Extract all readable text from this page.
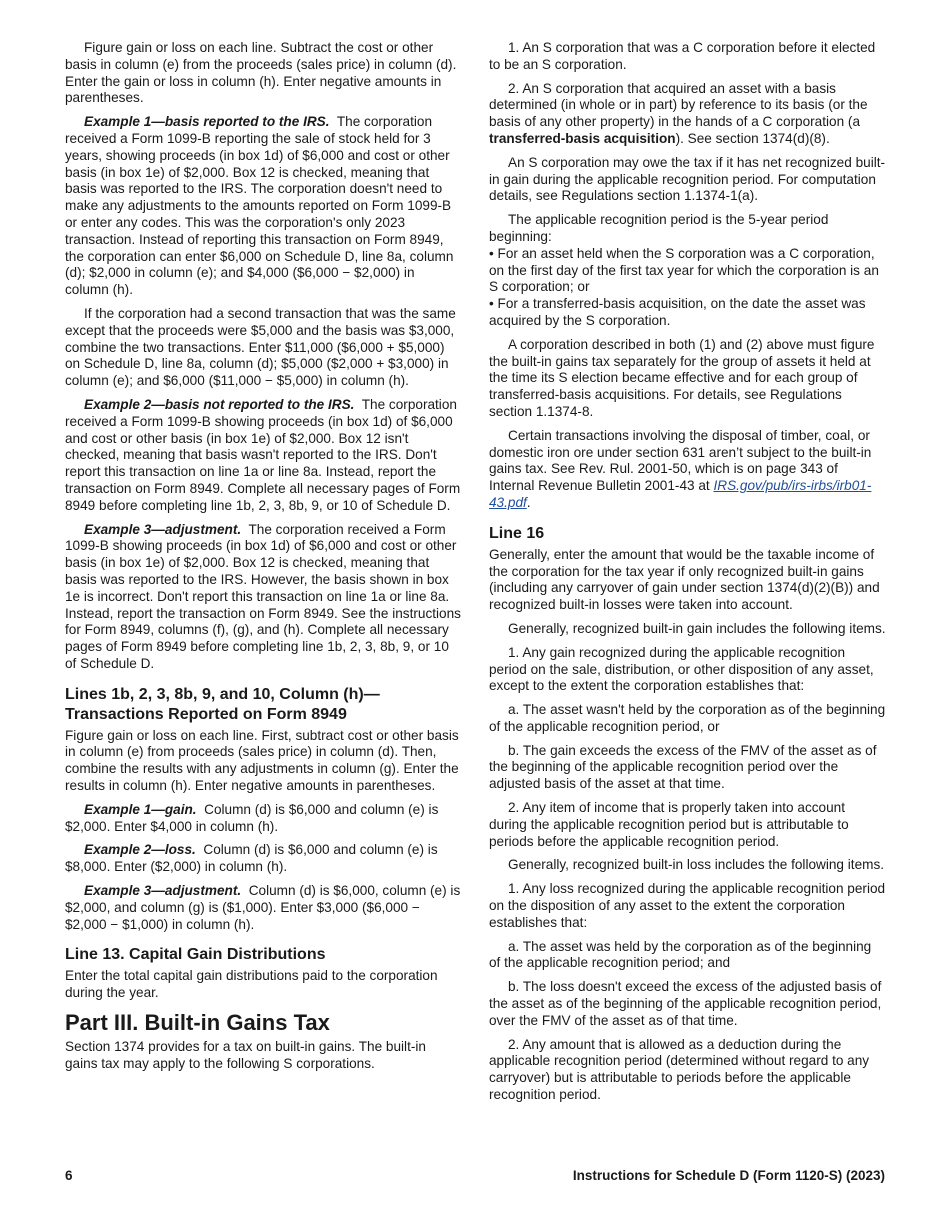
Figure gain or loss on each line. Subtract the cost or other basis in column (e) from the proceeds (sales price) in column (d). Enter the gain or loss in column (h). Enter negative amounts in parentheses.

Example 1—basis reported to the IRS. The corporation received a Form 1099-B reporting the sale of stock held for 3 years, showing proceeds (in box 1d) of $6,000 and cost or other basis (in box 1e) of $2,000. Box 12 is checked, meaning that basis was reported to the IRS. The corporation doesn't need to make any adjustments to the amounts reported on Form 1099-B or enter any codes. This was the corporation's only 2023 transaction. Instead of reporting this transaction on Form 8949, the corporation can enter $6,000 on Schedule D, line 8a, column (d); $2,000 in column (e); and $4,000 ($6,000 − $2,000) in column (h).

If the corporation had a second transaction that was the same except that the proceeds were $5,000 and the basis was $3,000, combine the two transactions. Enter $11,000 ($6,000 + $5,000) on Schedule D, line 8a, column (d); $5,000 ($2,000 + $3,000) in column (e); and $6,000 ($11,000 − $5,000) in column (h).

Example 2—basis not reported to the IRS. The corporation received a Form 1099-B showing proceeds (in box 1d) of $6,000 and cost or other basis (in box 1e) of $2,000. Box 12 isn't checked, meaning that basis wasn't reported to the IRS. Don't report this transaction on line 1a or line 8a. Instead, report the transaction on Form 8949. Complete all necessary pages of Form 8949 before completing line 1b, 2, 3, 8b, 9, or 10 of Schedule D.

Example 3—adjustment. The corporation received a Form 1099-B showing proceeds (in box 1d) of $6,000 and cost or other basis (in box 1e) of $2,000. Box 12 is checked, meaning that basis was reported to the IRS. However, the basis shown in box 1e is incorrect. Don't report this transaction on line 1a or line 8a. Instead, report the transaction on Form 8949. See the instructions for Form 8949, columns (f), (g), and (h). Complete all necessary pages of Form 8949 before completing line 1b, 2, 3, 8b, 9, or 10 of Schedule D.

Lines 1b, 2, 3, 8b, 9, and 10, Column (h)—Transactions Reported on Form 8949

Figure gain or loss on each line. First, subtract cost or other basis in column (e) from proceeds (sales price) in column (d). Then, combine the results with any adjustments in column (g). Enter the results in column (h). Enter negative amounts in parentheses.

Example 1—gain. Column (d) is $6,000 and column (e) is $2,000. Enter $4,000 in column (h).

Example 2—loss. Column (d) is $6,000 and column (e) is $8,000. Enter ($2,000) in column (h).

Example 3—adjustment. Column (d) is $6,000, column (e) is $2,000, and column (g) is ($1,000). Enter $3,000 ($6,000 − $2,000 − $1,000) in column (h).

Line 13. Capital Gain Distributions

Enter the total capital gain distributions paid to the corporation during the year.

Part III. Built-in Gains Tax

Section 1374 provides for a tax on built-in gains. The built-in gains tax may apply to the following S corporations.

1. An S corporation that was a C corporation before it elected to be an S corporation.

2. An S corporation that acquired an asset with a basis determined (in whole or in part) by reference to its basis (or the basis of any other property) in the hands of a C corporation (a transferred-basis acquisition). See section 1374(d)(8).

An S corporation may owe the tax if it has net recognized built-in gain during the applicable recognition period. For computation details, see Regulations section 1.1374-1(a).

The applicable recognition period is the 5-year period beginning:

• For an asset held when the S corporation was a C corporation, on the first day of the first tax year for which the corporation is an S corporation; or

• For a transferred-basis acquisition, on the date the asset was acquired by the S corporation.

A corporation described in both (1) and (2) above must figure the built-in gains tax separately for the group of assets it held at the time its S election became effective and for each group of transferred-basis acquisitions. For details, see Regulations section 1.1374-8.

Certain transactions involving the disposal of timber, coal, or domestic iron ore under section 631 aren’t subject to the built-in gains tax. See Rev. Rul. 2001-50, which is on page 343 of Internal Revenue Bulletin 2001-43 at IRS.gov/pub/irs-irbs/irb01-43.pdf.

Line 16

Generally, enter the amount that would be the taxable income of the corporation for the tax year if only recognized built-in gains (including any carryover of gain under section 1374(d)(2)(B)) and recognized built-in losses were taken into account.

Generally, recognized built-in gain includes the following items.

1. Any gain recognized during the applicable recognition period on the sale, distribution, or other disposition of any asset, except to the extent the corporation establishes that:

a. The asset wasn't held by the corporation as of the beginning of the applicable recognition period, or

b. The gain exceeds the excess of the FMV of the asset as of the beginning of the applicable recognition period over the adjusted basis of the asset at that time.

2. Any item of income that is properly taken into account during the applicable recognition period but is attributable to periods before the applicable recognition period.

Generally, recognized built-in loss includes the following items.

1. Any loss recognized during the applicable recognition period on the disposition of any asset to the extent the corporation establishes that:

a. The asset was held by the corporation as of the beginning of the applicable recognition period; and

b. The loss doesn't exceed the excess of the adjusted basis of the asset as of the beginning of the applicable recognition period, over the FMV of the asset as of that time.

2. Any amount that is allowed as a deduction during the applicable recognition period (determined without regard to any carryover) but is attributable to periods before the applicable recognition period.

6	Instructions for Schedule D (Form 1120-S) (2023)
